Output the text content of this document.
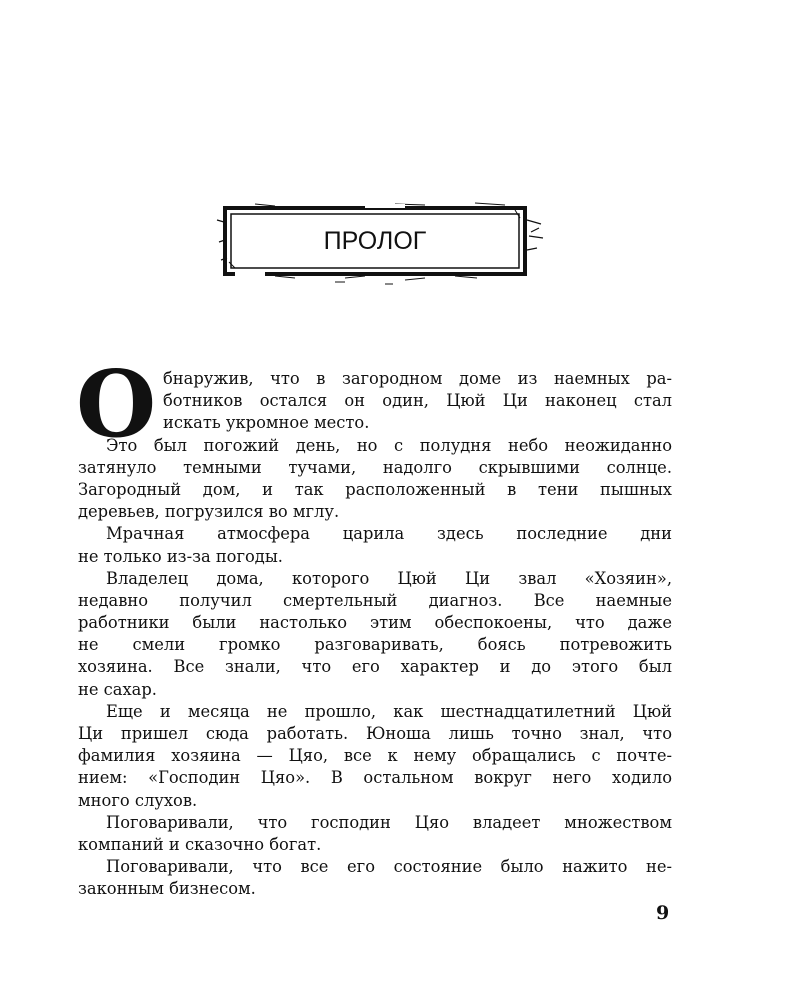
ПРОЛОГ
О бнаружив, что в загородном доме из наемных ра-
ботников остался он один, Цюй Ци наконец стал
искать укромное место.
Это был погожий день, но с полудня небо неожиданно
затянуло темными тучами, надолго скрывшими солнце.
Загородный дом, и так расположенный в тени пышных
деревьев, погрузился во мглу.
Мрачная атмосфера царила здесь последние дни
не только из-за погоды.
Владелец дома, которого Цюй Ци звал «Хозяин»,
недавно получил смертельный диагноз. Все наемные
работники были настолько этим обеспокоены, что даже
не смели громко разговаривать, боясь потревожить
хозяина. Все знали, что его характер и до этого был
не сахар.
Еще и месяца не прошло, как шестнадцатилетний Цюй
Ци пришел сюда работать. Юноша лишь точно знал, что
фамилия хозяина — Цяо, все к нему обращались с почте-
нием: «Господин Цяо». В остальном вокруг него ходило
много слухов.
Поговаривали, что господин Цяо владеет множеством
компаний и сказочно богат.
Поговаривали, что все его состояние было нажито не-
законным бизнесом.
9
